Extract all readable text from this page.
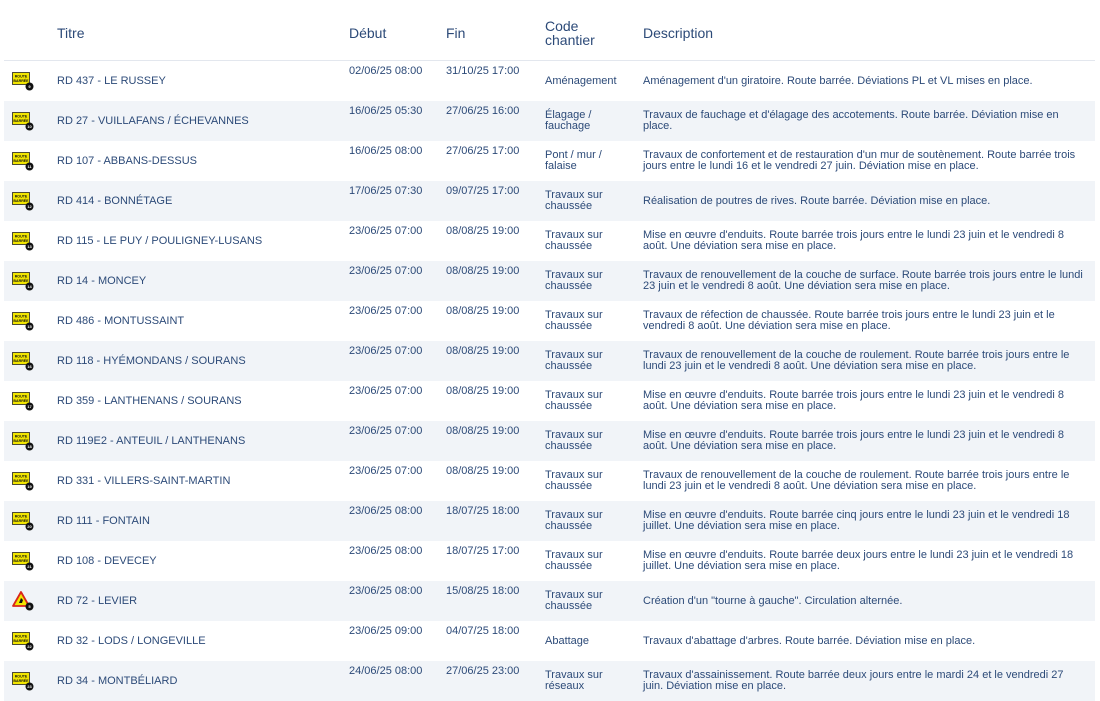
	Titre	Début	Fin	Code chantier	Description

ROUTE
BARRÉE
9	RD 437 - LE RUSSEY	02/06/25 08:00	31/10/25 17:00	Aménagement	Aménagement d'un giratoire. Route barrée. Déviations PL et VL mises en place.

ROUTE
BARRÉE
10	RD 27 - VUILLAFANS / ÉCHEVANNES	16/06/25 05:30	27/06/25 16:00	Élagage / fauchage	Travaux de fauchage et d'élagage des accotements. Route barrée. Déviation mise en place.

ROUTE
BARRÉE
11	RD 107 - ABBANS-DESSUS	16/06/25 08:00	27/06/25 17:00	Pont / mur / falaise	Travaux de confortement et de restauration d'un mur de soutènement. Route barrée trois jours entre le lundi 16 et le vendredi 27 juin. Déviation mise en place.

ROUTE
BARRÉE
12	RD 414 - BONNÉTAGE	17/06/25 07:30	09/07/25 17:00	Travaux sur chaussée	Réalisation de poutres de rives. Route barrée. Déviation mise en place.

ROUTE
BARRÉE
13	RD 115 - LE PUY / POULIGNEY-LUSANS	23/06/25 07:00	08/08/25 19:00	Travaux sur chaussée	Mise en œuvre d'enduits. Route barrée trois jours entre le lundi 23 juin et le vendredi 8 août. Une déviation sera mise en place.

ROUTE
BARRÉE
14	RD 14 - MONCEY	23/06/25 07:00	08/08/25 19:00	Travaux sur chaussée	Travaux de renouvellement de la couche de surface. Route barrée trois jours entre le lundi 23 juin et le vendredi 8 août. Une déviation sera mise en place.

ROUTE
BARRÉE
15	RD 486 - MONTUSSAINT	23/06/25 07:00	08/08/25 19:00	Travaux sur chaussée	Travaux de réfection de chaussée. Route barrée trois jours entre le lundi 23 juin et le vendredi 8 août. Une déviation sera mise en place.

ROUTE
BARRÉE
16	RD 118 - HYÉMONDANS / SOURANS	23/06/25 07:00	08/08/25 19:00	Travaux sur chaussée	Travaux de renouvellement de la couche de roulement. Route barrée trois jours entre le lundi 23 juin et le vendredi 8 août. Une déviation sera mise en place.

ROUTE
BARRÉE
17	RD 359 - LANTHENANS / SOURANS	23/06/25 07:00	08/08/25 19:00	Travaux sur chaussée	Mise en œuvre d'enduits. Route barrée trois jours entre le lundi 23 juin et le vendredi 8 août. Une déviation sera mise en place.

ROUTE
BARRÉE
18	RD 119E2 - ANTEUIL / LANTHENANS	23/06/25 07:00	08/08/25 19:00	Travaux sur chaussée	Mise en œuvre d'enduits. Route barrée trois jours entre le lundi 23 juin et le vendredi 8 août. Une déviation sera mise en place.

ROUTE
BARRÉE
19	RD 331 - VILLERS-SAINT-MARTIN	23/06/25 07:00	08/08/25 19:00	Travaux sur chaussée	Travaux de renouvellement de la couche de roulement. Route barrée trois jours entre le lundi 23 juin et le vendredi 8 août. Une déviation sera mise en place.

ROUTE
BARRÉE
20	RD 111 - FONTAIN	23/06/25 08:00	18/07/25 18:00	Travaux sur chaussée	Mise en œuvre d'enduits. Route barrée cinq jours entre le lundi 23 juin et le vendredi 18 juillet. Une déviation sera mise en place.

ROUTE
BARRÉE
21	RD 108 - DEVECEY	23/06/25 08:00	18/07/25 17:00	Travaux sur chaussée	Mise en œuvre d'enduits. Route barrée deux jours entre le lundi 23 juin et le vendredi 18 juillet. Une déviation sera mise en place.

5	RD 72 - LEVIER	23/06/25 08:00	15/08/25 18:00	Travaux sur chaussée	Création d'un "tourne à gauche". Circulation alternée.

ROUTE
BARRÉE
22	RD 32 - LODS / LONGEVILLE	23/06/25 09:00	04/07/25 18:00	Abattage	Travaux d'abattage d'arbres. Route barrée. Déviation mise en place.

ROUTE
BARRÉE
23	RD 34 - MONTBÉLIARD	24/06/25 08:00	27/06/25 23:00	Travaux sur réseaux	Travaux d'assainissement. Route barrée deux jours entre le mardi 24 et le vendredi 27 juin. Déviation mise en place.
